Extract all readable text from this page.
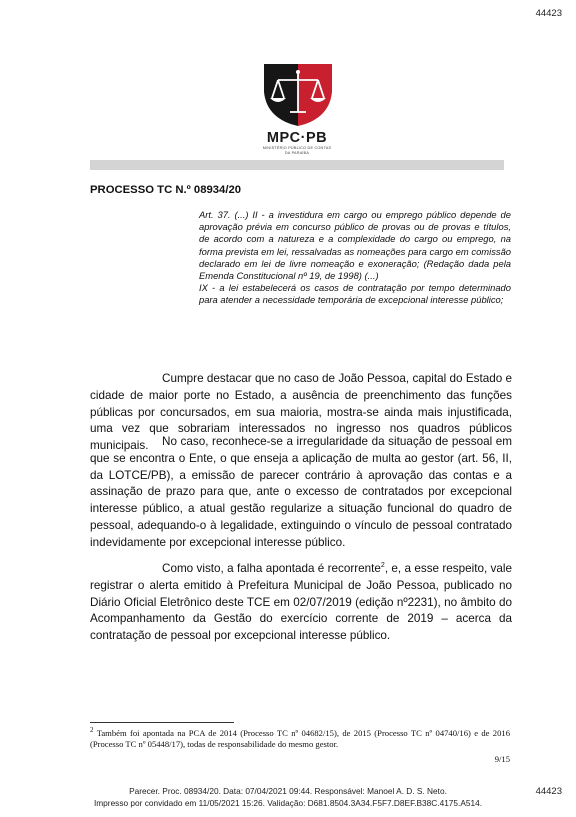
44423
MPC·PB
MINISTÉRIO PÚBLICO DE CONTAS
DA PARAÍBA
PROCESSO TC N.º 08934/20

Art. 37. (...) II - a investidura em cargo ou emprego público depende de aprovação prévia em concurso público de provas ou de provas e títulos, de acordo com a natureza e a complexidade do cargo ou emprego, na forma prevista em lei, ressalvadas as nomeações para cargo em comissão declarado em lei de livre nomeação e exoneração; (Redação dada pela Emenda Constitucional nº 19, de 1998) (...)

IX - a lei estabelecerá os casos de contratação por tempo determinado para atender a necessidade temporária de excepcional interesse público;

Cumpre destacar que no caso de João Pessoa, capital do Estado e cidade de maior porte no Estado, a ausência de preenchimento das funções públicas por concursados, em sua maioria, mostra-se ainda mais injustificada, uma vez que sobrariam interessados no ingresso nos quadros públicos municipais.	No caso, reconhece-se a irregularidade da situação de pessoal em que se encontra o Ente, o que enseja a aplicação de multa ao gestor (art. 56, II, da LOTCE/PB), a emissão de parecer contrário à aprovação das contas e a assinação de prazo para que, ante o excesso de contratados por excepcional interesse público, a atual gestão regularize a situação funcional do quadro de pessoal, adequando-o à legalidade, extinguindo o vínculo de pessoal contratado indevidamente por excepcional interesse público.

Como visto, a falha apontada é recorrente$^2$, e, a esse respeito, vale registrar o alerta emitido à Prefeitura Municipal de João Pessoa, publicado no Diário Oficial Eletrônico deste TCE em 02/07/2019 (edição nº2231), no âmbito do Acompanhamento da Gestão do exercício corrente de 2019 – acerca da contratação de pessoal por excepcional interesse público.

$^2$ Também foi apontada na PCA de 2014 (Processo TC nº 04682/15), de 2015 (Processo TC nº 04740/16) e de 2016 (Processo TC nº 05448/17), todas de responsabilidade do mesmo gestor.
9/15
44423
Parecer. Proc. 08934/20. Data: 07/04/2021 09:44. Responsável: Manoel A. D. S. Neto.
Impresso por convidado em 11/05/2021 15:26. Validação: D681.8504.3A34.F5F7.D8EF.B38C.4175.A514.
